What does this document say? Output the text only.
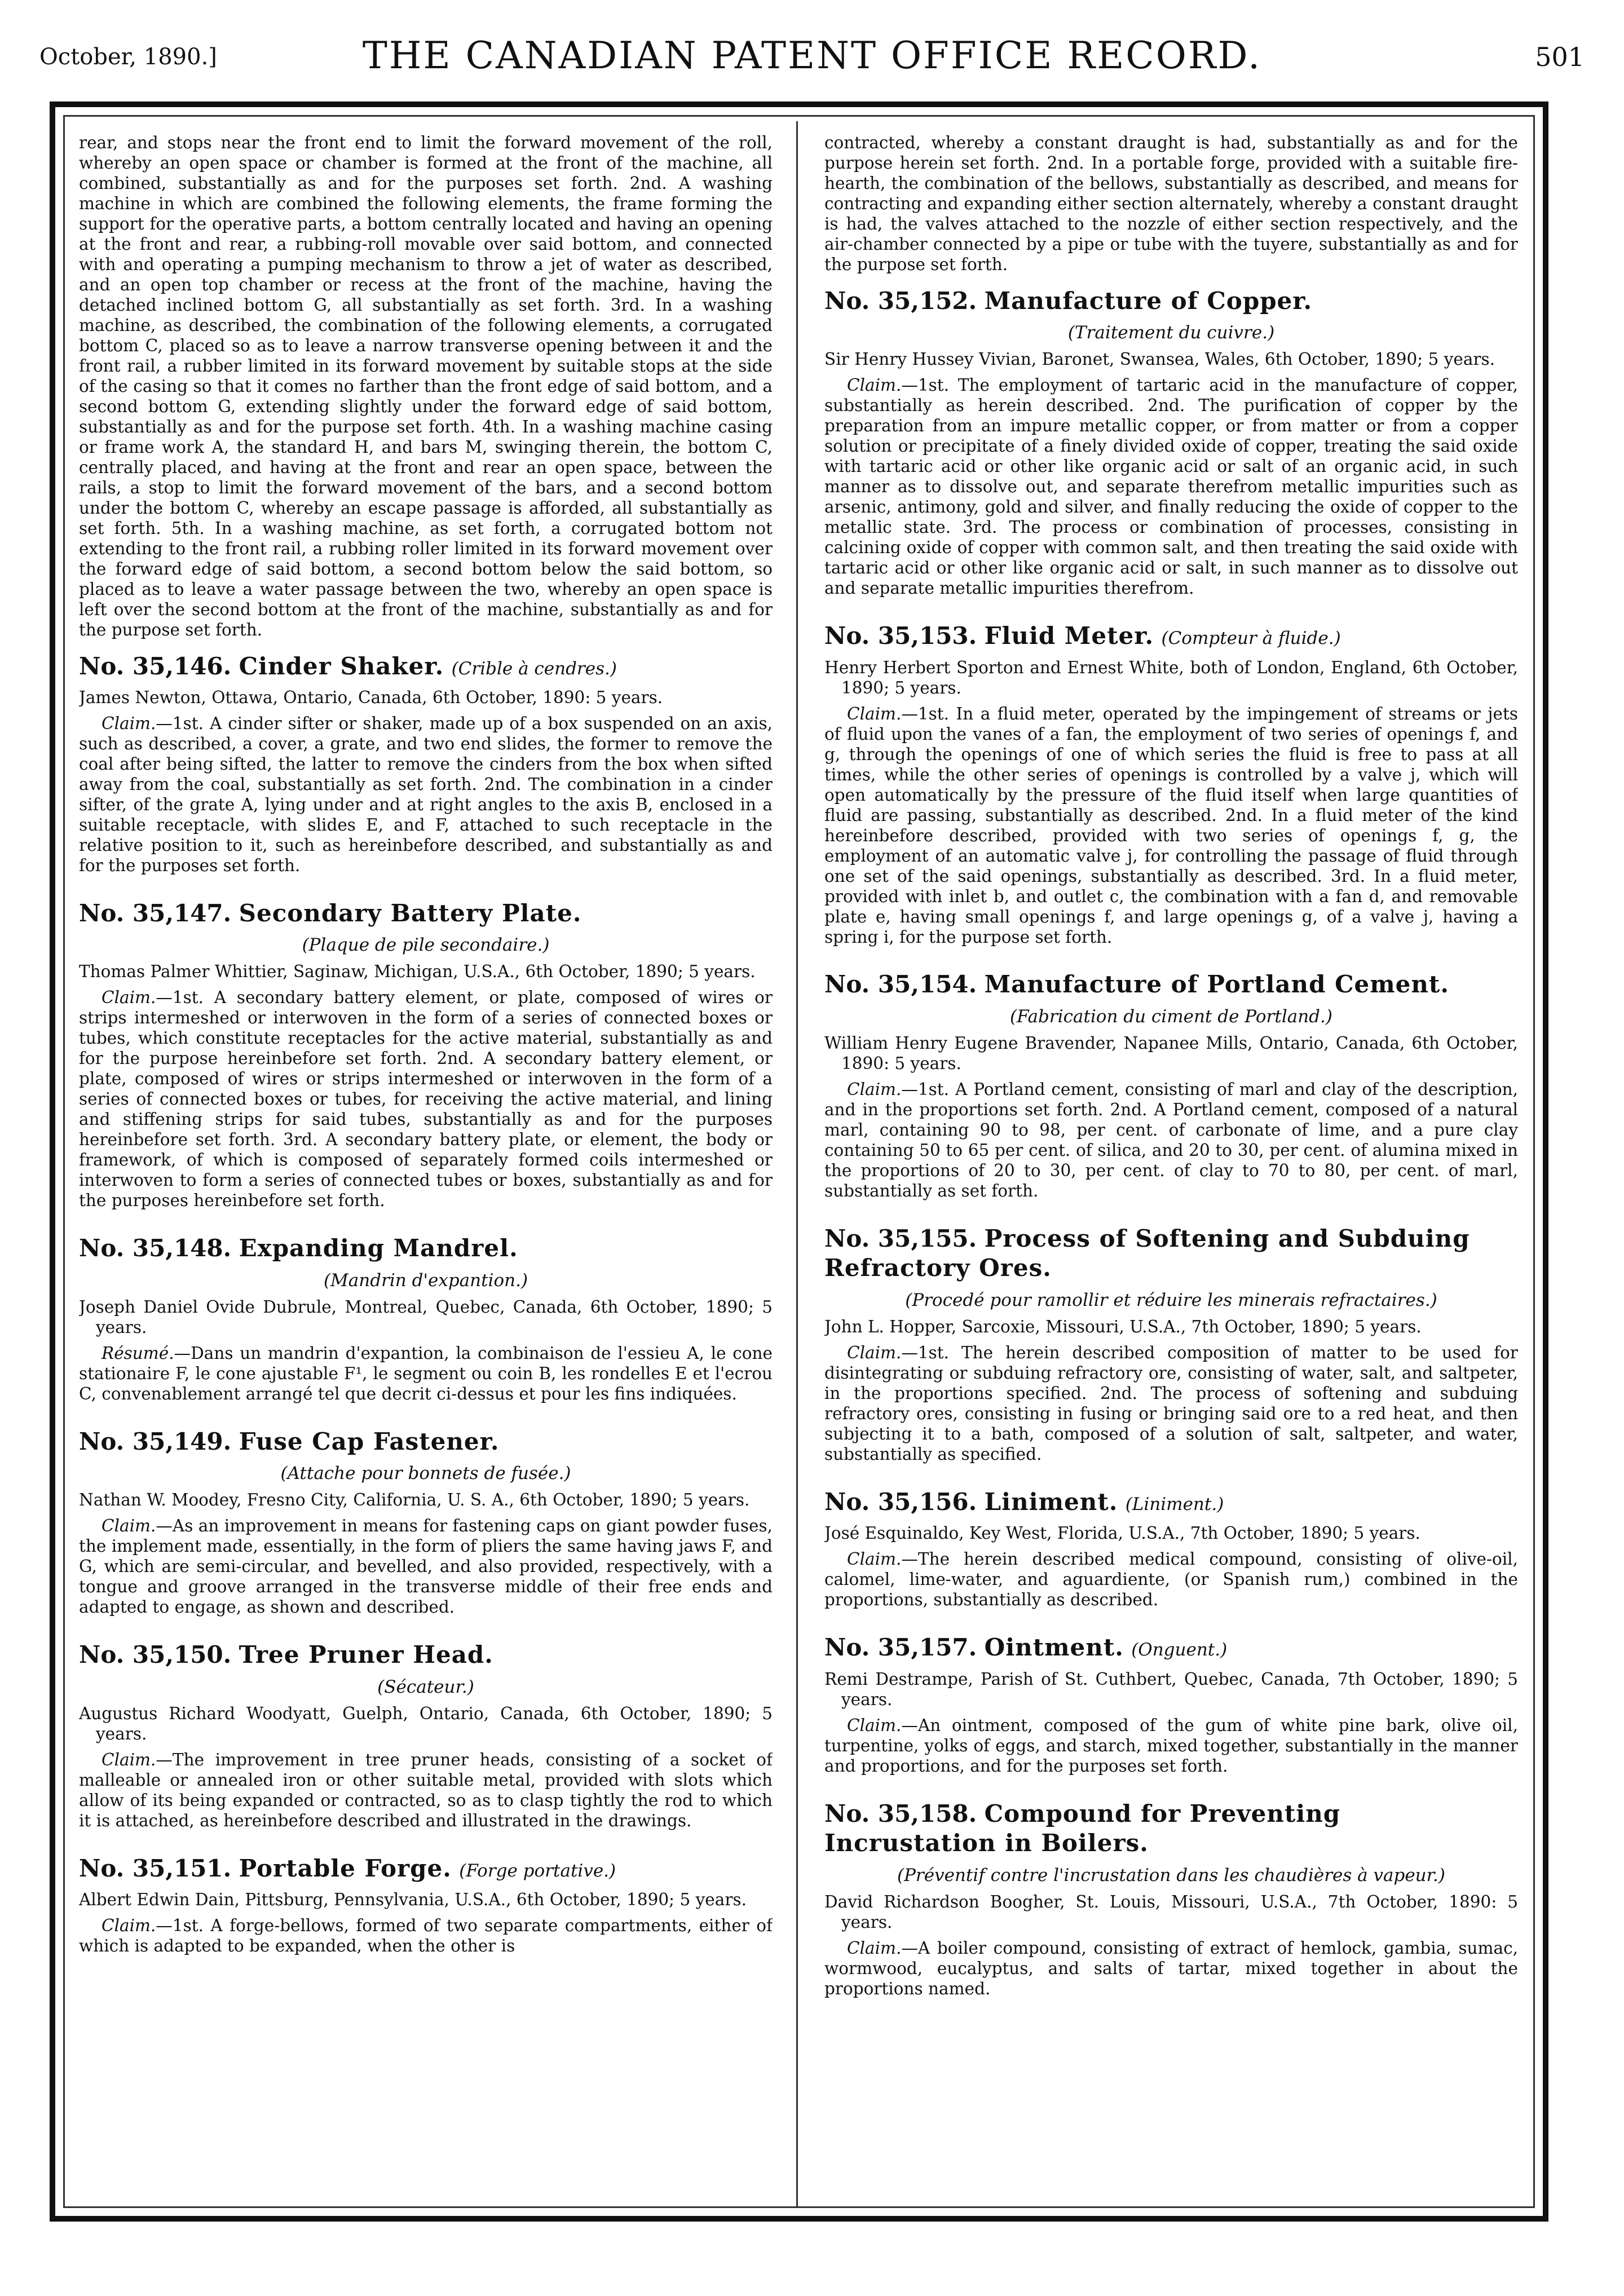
October, 1890.]	THE CANADIAN PATENT OFFICE RECORD.	501

rear, and stops near the front end to limit the forward movement of the roll, whereby an open space or chamber is formed at the front of the machine, all combined, substantially as and for the purposes set forth. 2nd. A washing machine in which are combined the following elements, the frame forming the support for the operative parts, a bottom centrally located and having an opening at the front and rear, a rubbing-roll movable over said bottom, and connected with and operating a pumping mechanism to throw a jet of water as described, and an open top chamber or recess at the front of the machine, having the detached inclined bottom G, all substantially as set forth. 3rd. In a washing machine, as described, the combination of the following elements, a corrugated bottom C, placed so as to leave a narrow transverse opening between it and the front rail, a rubber limited in its forward movement by suitable stops at the side of the casing so that it comes no farther than the front edge of said bottom, and a second bottom G, extending slightly under the forward edge of said bottom, substantially as and for the purpose set forth. 4th. In a washing machine casing or frame work A, the standard H, and bars M, swinging therein, the bottom C, centrally placed, and having at the front and rear an open space, between the rails, a stop to limit the forward movement of the bars, and a second bottom under the bottom C, whereby an escape passage is afforded, all substantially as set forth. 5th. In a washing machine, as set forth, a corrugated bottom not extending to the front rail, a rubbing roller limited in its forward movement over the forward edge of said bottom, a second bottom below the said bottom, so placed as to leave a water passage between the two, whereby an open space is left over the second bottom at the front of the machine, substantially as and for the purpose set forth.

No. 35,146. Cinder Shaker. (Crible à cendres.)

James Newton, Ottawa, Ontario, Canada, 6th October, 1890: 5 years.

Claim.—1st. A cinder sifter or shaker, made up of a box suspended on an axis, such as described, a cover, a grate, and two end slides, the former to remove the coal after being sifted, the latter to remove the cinders from the box when sifted away from the coal, substantially as set forth. 2nd. The combination in a cinder sifter, of the grate A, lying under and at right angles to the axis B, enclosed in a suitable receptacle, with slides E, and F, attached to such receptacle in the relative position to it, such as hereinbefore described, and substantially as and for the purposes set forth.

No. 35,147. Secondary Battery Plate.
(Plaque de pile secondaire.)

Thomas Palmer Whittier, Saginaw, Michigan, U.S.A., 6th October, 1890; 5 years.

Claim.—1st. A secondary battery element, or plate, composed of wires or strips intermeshed or interwoven in the form of a series of connected boxes or tubes, which constitute receptacles for the active material, substantially as and for the purpose hereinbefore set forth. 2nd. A secondary battery element, or plate, composed of wires or strips intermeshed or interwoven in the form of a series of connected boxes or tubes, for receiving the active material, and lining and stiffening strips for said tubes, substantially as and for the purposes hereinbefore set forth. 3rd. A secondary battery plate, or element, the body or framework, of which is composed of separately formed coils intermeshed or interwoven to form a series of connected tubes or boxes, substantially as and for the purposes hereinbefore set forth.

No. 35,148. Expanding Mandrel.
(Mandrin d'expantion.)

Joseph Daniel Ovide Dubrule, Montreal, Quebec, Canada, 6th October, 1890; 5 years.

Résumé.—Dans un mandrin d'expantion, la combinaison de l'essieu A, le cone stationaire F, le cone ajustable F¹, le segment ou coin B, les rondelles E et l'ecrou C, convenablement arrangé tel que decrit ci-dessus et pour les fins indiquées.

No. 35,149. Fuse Cap Fastener.
(Attache pour bonnets de fusée.)

Nathan W. Moodey, Fresno City, California, U. S. A., 6th October, 1890; 5 years.

Claim.—As an improvement in means for fastening caps on giant powder fuses, the implement made, essentially, in the form of pliers the same having jaws F, and G, which are semi-circular, and bevelled, and also provided, respectively, with a tongue and groove arranged in the transverse middle of their free ends and adapted to engage, as shown and described.

No. 35,150. Tree Pruner Head.
(Sécateur.)

Augustus Richard Woodyatt, Guelph, Ontario, Canada, 6th October, 1890; 5 years.

Claim.—The improvement in tree pruner heads, consisting of a socket of malleable or annealed iron or other suitable metal, provided with slots which allow of its being expanded or contracted, so as to clasp tightly the rod to which it is attached, as hereinbefore described and illustrated in the drawings.

No. 35,151. Portable Forge. (Forge portative.)

Albert Edwin Dain, Pittsburg, Pennsylvania, U.S.A., 6th October, 1890; 5 years.

Claim.—1st. A forge-bellows, formed of two separate compartments, either of which is adapted to be expanded, when the other is

contracted, whereby a constant draught is had, substantially as and for the purpose herein set forth. 2nd. In a portable forge, provided with a suitable fire-hearth, the combination of the bellows, substantially as described, and means for contracting and expanding either section alternately, whereby a constant draught is had, the valves attached to the nozzle of either section respectively, and the air-chamber connected by a pipe or tube with the tuyere, substantially as and for the purpose set forth.

No. 35,152. Manufacture of Copper.
(Traitement du cuivre.)

Sir Henry Hussey Vivian, Baronet, Swansea, Wales, 6th October, 1890; 5 years.

Claim.—1st. The employment of tartaric acid in the manufacture of copper, substantially as herein described. 2nd. The purification of copper by the preparation from an impure metallic copper, or from matter or from a copper solution or precipitate of a finely divided oxide of copper, treating the said oxide with tartaric acid or other like organic acid or salt of an organic acid, in such manner as to dissolve out, and separate therefrom metallic impurities such as arsenic, antimony, gold and silver, and finally reducing the oxide of copper to the metallic state. 3rd. The process or combination of processes, consisting in calcining oxide of copper with common salt, and then treating the said oxide with tartaric acid or other like organic acid or salt, in such manner as to dissolve out and separate metallic impurities therefrom.

No. 35,153. Fluid Meter. (Compteur à fluide.)

Henry Herbert Sporton and Ernest White, both of London, England, 6th October, 1890; 5 years.

Claim.—1st. In a fluid meter, operated by the impingement of streams or jets of fluid upon the vanes of a fan, the employment of two series of openings f, and g, through the openings of one of which series the fluid is free to pass at all times, while the other series of openings is controlled by a valve j, which will open automatically by the pressure of the fluid itself when large quantities of fluid are passing, substantially as described. 2nd. In a fluid meter of the kind hereinbefore described, provided with two series of openings f, g, the employment of an automatic valve j, for controlling the passage of fluid through one set of the said openings, substantially as described. 3rd. In a fluid meter, provided with inlet b, and outlet c, the combination with a fan d, and removable plate e, having small openings f, and large openings g, of a valve j, having a spring i, for the purpose set forth.

No. 35,154. Manufacture of Portland Cement.
(Fabrication du ciment de Portland.)

William Henry Eugene Bravender, Napanee Mills, Ontario, Canada, 6th October, 1890: 5 years.

Claim.—1st. A Portland cement, consisting of marl and clay of the description, and in the proportions set forth. 2nd. A Portland cement, composed of a natural marl, containing 90 to 98, per cent. of carbonate of lime, and a pure clay containing 50 to 65 per cent. of silica, and 20 to 30, per cent. of alumina mixed in the proportions of 20 to 30, per cent. of clay to 70 to 80, per cent. of marl, substantially as set forth.

No. 35,155. Process of Softening and Subduing Refractory Ores.
(Procedé pour ramollir et réduire les minerais refractaires.)

John L. Hopper, Sarcoxie, Missouri, U.S.A., 7th October, 1890; 5 years.

Claim.—1st. The herein described composition of matter to be used for disintegrating or subduing refractory ore, consisting of water, salt, and saltpeter, in the proportions specified. 2nd. The process of softening and subduing refractory ores, consisting in fusing or bringing said ore to a red heat, and then subjecting it to a bath, composed of a solution of salt, saltpeter, and water, substantially as specified.

No. 35,156. Liniment. (Liniment.)

José Esquinaldo, Key West, Florida, U.S.A., 7th October, 1890; 5 years.

Claim.—The herein described medical compound, consisting of olive-oil, calomel, lime-water, and aguardiente, (or Spanish rum,) combined in the proportions, substantially as described.

No. 35,157. Ointment. (Onguent.)

Remi Destrampe, Parish of St. Cuthbert, Quebec, Canada, 7th October, 1890; 5 years.

Claim.—An ointment, composed of the gum of white pine bark, olive oil, turpentine, yolks of eggs, and starch, mixed together, substantially in the manner and proportions, and for the purposes set forth.

No. 35,158. Compound for Preventing Incrustation in Boilers.
(Préventif contre l'incrustation dans les chaudières à vapeur.)

David Richardson Boogher, St. Louis, Missouri, U.S.A., 7th October, 1890: 5 years.

Claim.—A boiler compound, consisting of extract of hemlock, gambia, sumac, wormwood, eucalyptus, and salts of tartar, mixed together in about the proportions named.
